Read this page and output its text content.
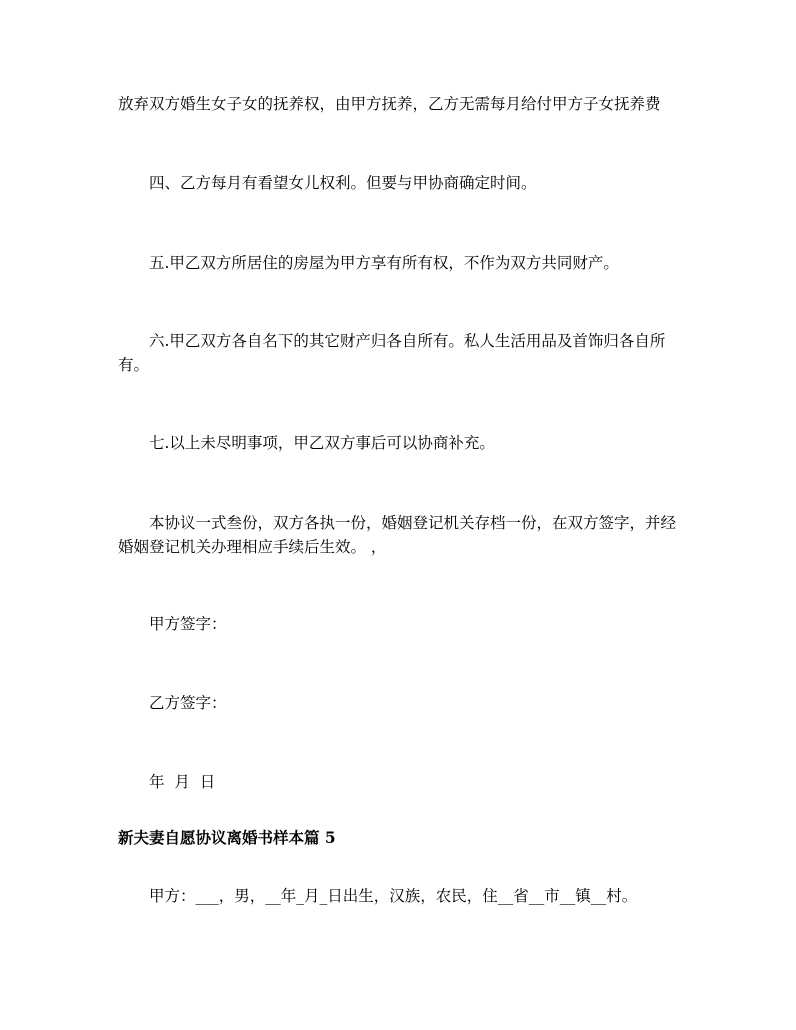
放弃双方婚生女子女的抚养权，由甲方抚养，乙方无需每月给付甲方子女抚养费

四、乙方每月有看望女儿权利。但要与甲协商确定时间。

五.甲乙双方所居住的房屋为甲方享有所有权，不作为双方共同财产。

六.甲乙双方各自名下的其它财产归各自所有。私人生活用品及首饰归各自所有。

七.以上未尽明事项，甲乙双方事后可以协商补充。

本协议一式叁份，双方各执一份，婚姻登记机关存档一份，在双方签字，并经婚姻登记机关办理相应手续后生效。 ，

甲方签字：

乙方签字：

年  月  日

新夫妻自愿协议离婚书样本篇 5

甲方：___，男，__年_月_日出生，汉族，农民，住__省__市__镇__村。
